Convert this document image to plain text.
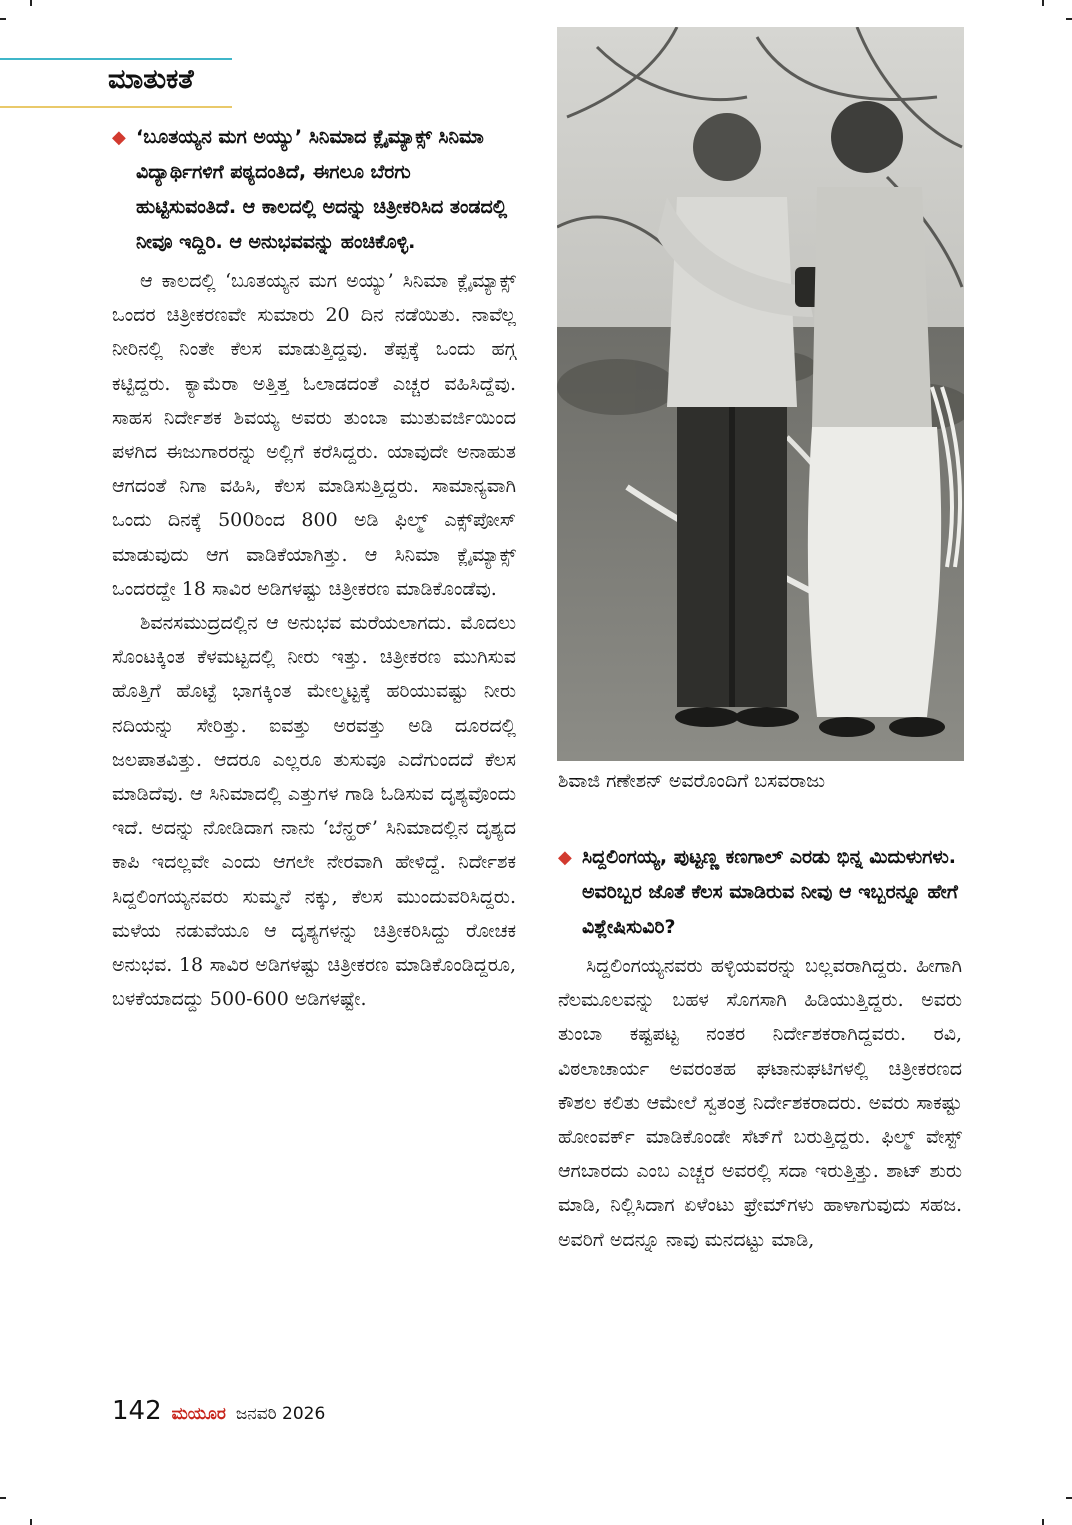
ಮಾತುಕತೆ

◆ ‘ಬೂತಯ್ಯನ ಮಗ ಅಯ್ಯು’ ಸಿನಿಮಾದ ಕ್ಲೈಮ್ಯಾಕ್ಸ್ ಸಿನಿಮಾ ವಿದ್ಯಾರ್ಥಿಗಳಿಗೆ ಪಠ್ಯದಂತಿದೆ, ಈಗಲೂ ಬೆರಗು ಹುಟ್ಟಿಸುವಂತಿದೆ. ಆ ಕಾಲದಲ್ಲಿ ಅದನ್ನು ಚಿತ್ರೀಕರಿಸಿದ ತಂಡದಲ್ಲಿ ನೀವೂ ಇದ್ದಿರಿ. ಆ ಅನುಭವವನ್ನು ಹಂಚಿಕೊಳ್ಳಿ.

ಆ ಕಾಲದಲ್ಲಿ ‘ಬೂತಯ್ಯನ ಮಗ ಅಯ್ಯು’ ಸಿನಿಮಾ ಕ್ಲೈಮ್ಯಾಕ್ಸ್ ಒಂದರ ಚಿತ್ರೀಕರಣವೇ ಸುಮಾರು 20 ದಿನ ನಡೆಯಿತು. ನಾವೆಲ್ಲ ನೀರಿನಲ್ಲಿ ನಿಂತೇ ಕೆಲಸ ಮಾಡುತ್ತಿದ್ದವು. ತೆಪ್ಪಕ್ಕೆ ಒಂದು ಹಗ್ಗ ಕಟ್ಟಿದ್ದರು. ಕ್ಯಾಮೆರಾ ಅತ್ತಿತ್ತ ಓಲಾಡದಂತೆ ಎಚ್ಚರ ವಹಿಸಿದ್ದೆವು. ಸಾಹಸ ನಿರ್ದೇಶಕ ಶಿವಯ್ಯ ಅವರು ತುಂಬಾ ಮುತುವರ್ಜಿಯಿಂದ ಪಳಗಿದ ಈಜುಗಾರರನ್ನು ಅಲ್ಲಿಗೆ ಕರೆಸಿದ್ದರು. ಯಾವುದೇ ಅನಾಹುತ ಆಗದಂತೆ ನಿಗಾ ವಹಿಸಿ, ಕೆಲಸ ಮಾಡಿಸುತ್ತಿದ್ದರು. ಸಾಮಾನ್ಯವಾಗಿ ಒಂದು ದಿನಕ್ಕೆ 500ರಿಂದ 800 ಅಡಿ ಫಿಲ್ಮ್ ಎಕ್ಸ್‌ಪೋಸ್ ಮಾಡುವುದು ಆಗ ವಾಡಿಕೆಯಾಗಿತ್ತು. ಆ ಸಿನಿಮಾ ಕ್ಲೈಮ್ಯಾಕ್ಸ್ ಒಂದರದ್ದೇ 18 ಸಾವಿರ ಅಡಿಗಳಷ್ಟು ಚಿತ್ರೀಕರಣ ಮಾಡಿಕೊಂಡೆವು.

ಶಿವನಸಮುದ್ರದಲ್ಲಿನ ಆ ಅನುಭವ ಮರೆಯಲಾಗದು. ಮೊದಲು ಸೊಂಟಕ್ಕಿಂತ ಕೆಳಮಟ್ಟದಲ್ಲಿ ನೀರು ಇತ್ತು. ಚಿತ್ರೀಕರಣ ಮುಗಿಸುವ ಹೊತ್ತಿಗೆ ಹೊಟ್ಟೆ ಭಾಗಕ್ಕಿಂತ ಮೇಲ್ಮಟ್ಟಕ್ಕೆ ಹರಿಯುವಷ್ಟು ನೀರು ನದಿಯನ್ನು ಸೇರಿತ್ತು. ಐವತ್ತು ಅರವತ್ತು ಅಡಿ ದೂರದಲ್ಲಿ ಜಲಪಾತವಿತ್ತು. ಆದರೂ ಎಲ್ಲರೂ ತುಸುವೂ ಎದೆಗುಂದದೆ ಕೆಲಸ ಮಾಡಿದೆವು. ಆ ಸಿನಿಮಾದಲ್ಲಿ ಎತ್ತುಗಳ ಗಾಡಿ ಓಡಿಸುವ ದೃಶ್ಯವೊಂದು ಇದೆ. ಅದನ್ನು ನೋಡಿದಾಗ ನಾನು ‘ಬೆನ್ಹರ್’ ಸಿನಿಮಾದಲ್ಲಿನ ದೃಶ್ಯದ ಕಾಪಿ ಇದಲ್ಲವೇ ಎಂದು ಆಗಲೇ ನೇರವಾಗಿ ಹೇಳಿದ್ದೆ. ನಿರ್ದೇಶಕ ಸಿದ್ದಲಿಂಗಯ್ಯನವರು ಸುಮ್ಮನೆ ನಕ್ಕು, ಕೆಲಸ ಮುಂದುವರಿಸಿದ್ದರು. ಮಳೆಯ ನಡುವೆಯೂ ಆ ದೃಶ್ಯಗಳನ್ನು ಚಿತ್ರೀಕರಿಸಿದ್ದು ರೋಚಕ ಅನುಭವ. 18 ಸಾವಿರ ಅಡಿಗಳಷ್ಟು ಚಿತ್ರೀಕರಣ ಮಾಡಿಕೊಂಡಿದ್ದರೂ, ಬಳಕೆಯಾದದ್ದು 500-600 ಅಡಿಗಳಷ್ಟೇ.

ಶಿವಾಜಿ ಗಣೇಶನ್ ಅವರೊಂದಿಗೆ ಬಸವರಾಜು

◆ ಸಿದ್ದಲಿಂಗಯ್ಯ, ಪುಟ್ಟಣ್ಣ ಕಣಗಾಲ್ ಎರಡು ಭಿನ್ನ ಮಿದುಳುಗಳು. ಅವರಿಬ್ಬರ ಜೊತೆ ಕೆಲಸ ಮಾಡಿರುವ ನೀವು ಆ ಇಬ್ಬರನ್ನೂ ಹೇಗೆ ವಿಶ್ಲೇಷಿಸುವಿರಿ?

ಸಿದ್ದಲಿಂಗಯ್ಯನವರು ಹಳ್ಳಿಯವರನ್ನು ಬಲ್ಲವರಾಗಿದ್ದರು. ಹೀಗಾಗಿ ನೆಲಮೂಲವನ್ನು ಬಹಳ ಸೊಗಸಾಗಿ ಹಿಡಿಯುತ್ತಿದ್ದರು. ಅವರು ತುಂಬಾ ಕಷ್ಟಪಟ್ಟ ನಂತರ ನಿರ್ದೇಶಕರಾಗಿದ್ದವರು. ರವಿ, ವಿಠಲಾಚಾರ್ಯ ಅವರಂತಹ ಘಟಾನುಘಟಿಗಳಲ್ಲಿ ಚಿತ್ರೀಕರಣದ ಕೌಶಲ ಕಲಿತು ಆಮೇಲೆ ಸ್ವತಂತ್ರ ನಿರ್ದೇಶಕರಾದರು. ಅವರು ಸಾಕಷ್ಟು ಹೋಂವರ್ಕ್ ಮಾಡಿಕೊಂಡೇ ಸೆಟ್‌ಗೆ ಬರುತ್ತಿದ್ದರು. ಫಿಲ್ಮ್ ವೇಸ್ಟ್ ಆಗಬಾರದು ಎಂಬ ಎಚ್ಚರ ಅವರಲ್ಲಿ ಸದಾ ಇರುತ್ತಿತ್ತು. ಶಾಟ್ ಶುರು ಮಾಡಿ, ನಿಲ್ಲಿಸಿದಾಗ ಏಳೆಂಟು ಫ್ರೇಮ್‌ಗಳು ಹಾಳಾಗುವುದು ಸಹಜ. ಅವರಿಗೆ ಅದನ್ನೂ ನಾವು ಮನದಟ್ಟು ಮಾಡಿ,

142 ಮಯೂರ ಜನವರಿ 2026
